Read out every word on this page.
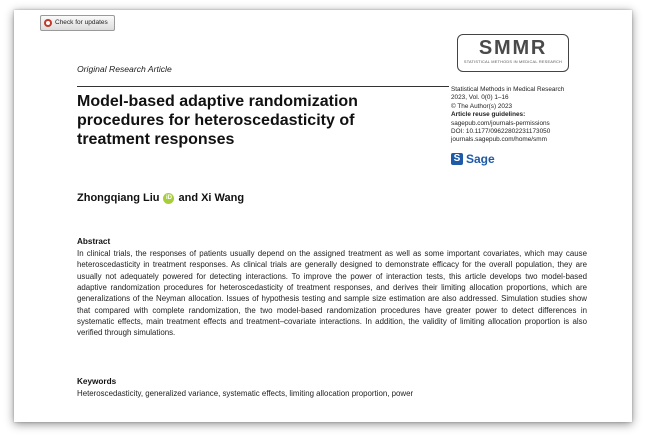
Check for updates
Original Research Article
SMMR
STATISTICAL METHODS IN MEDICAL RESEARCH
Model-based adaptive randomization procedures for heteroscedasticity of treatment responses
Statistical Methods in Medical Research
2023, Vol. 0(0) 1–16
© The Author(s) 2023
Article reuse guidelines:
sagepub.com/journals-permissions
DOI: 10.1177/09622802231173050
journals.sagepub.com/home/smm
S Sage
Zhongqiang Liu	iD and Xi Wang
Abstract

In clinical trials, the responses of patients usually depend on the assigned treatment as well as some important covariates, which may cause heteroscedasticity in treatment responses. As clinical trials are generally designed to demonstrate efficacy for the overall population, they are usually not adequately powered for detecting interactions. To improve the power of interaction tests, this article develops two model-based adaptive randomization procedures for heteroscedasticity of treatment responses, and derives their limiting allocation proportions, which are generalizations of the Neyman allocation. Issues of hypothesis testing and sample size estimation are also addressed. Simulation studies show that compared with complete randomization, the two model-based randomization procedures have greater power to detect differences in systematic effects, main treatment effects and treatment–covariate interactions. In addition, the validity of limiting allocation proportion is also verified through simulations.

Keywords
Heteroscedasticity, generalized variance, systematic effects, limiting allocation proportion, power
